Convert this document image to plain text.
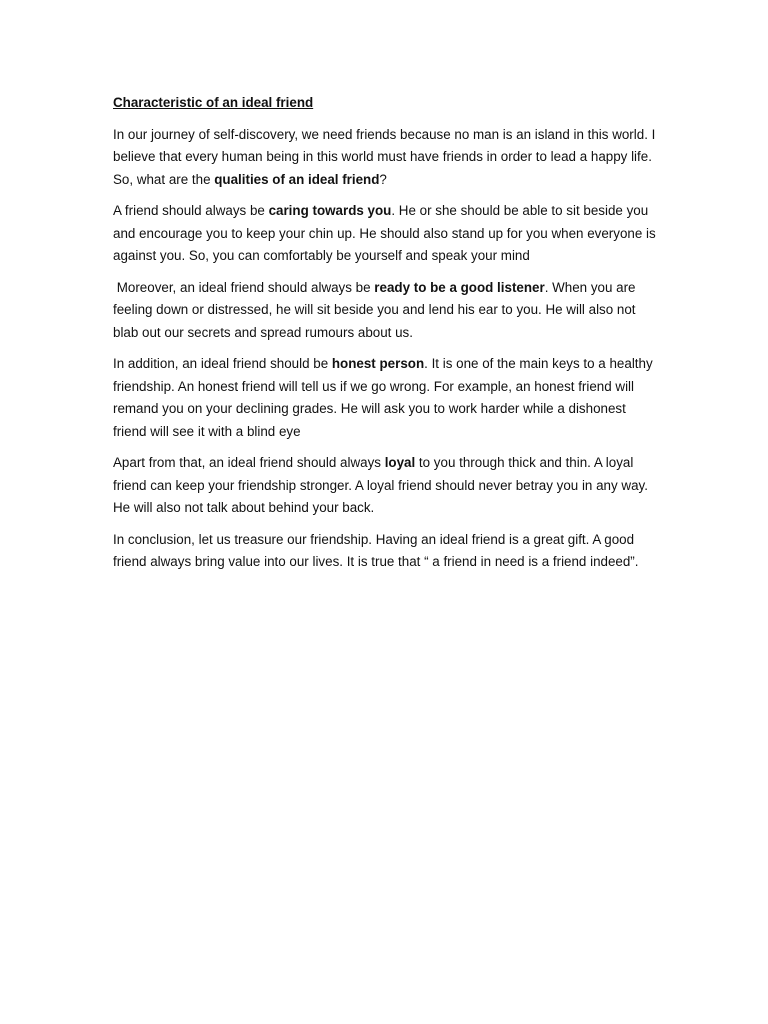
Characteristic of an ideal friend

In our journey of self-discovery, we need friends because no man is an island in this world. I believe that every human being in this world must have friends in order to lead a happy life. So, what are the qualities of an ideal friend?

A friend should always be caring towards you. He or she should be able to sit beside you and encourage you to keep your chin up. He should also stand up for you when everyone is against you. So, you can comfortably be yourself and speak your mind

Moreover, an ideal friend should always be ready to be a good listener. When you are feeling down or distressed, he will sit beside you and lend his ear to you. He will also not blab out our secrets and spread rumours about us.

In addition, an ideal friend should be honest person. It is one of the main keys to a healthy friendship. An honest friend will tell us if we go wrong. For example, an honest friend will remand you on your declining grades. He will ask you to work harder while a dishonest friend will see it with a blind eye

Apart from that, an ideal friend should always loyal to you through thick and thin. A loyal friend can keep your friendship stronger. A loyal friend should never betray you in any way. He will also not talk about behind your back.

In conclusion, let us treasure our friendship. Having an ideal friend is a great gift. A good friend always bring value into our lives. It is true that “ a friend in need is a friend indeed”.
